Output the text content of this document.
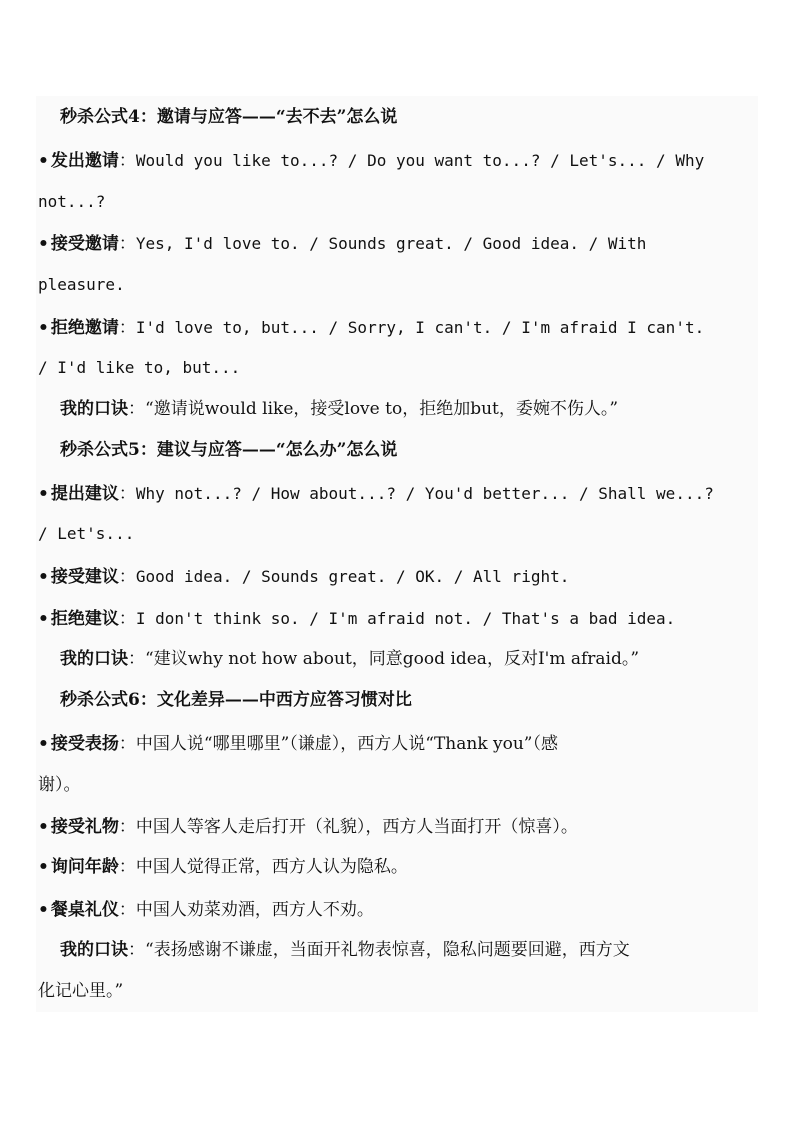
秒杀公式4：邀请与应答——“去不去”怎么说
• 发出邀请：Would you like to...? / Do you want to...? / Let's... / Why
not...?
• 接受邀请：Yes, I'd love to. / Sounds great. / Good idea. / With
pleasure.
• 拒绝邀请：I'd love to, but... / Sorry, I can't. / I'm afraid I can't.
/ I'd like to, but...
我的口诀：“邀请说would like，接受love to，拒绝加but，委婉不伤人。”
秒杀公式5：建议与应答——“怎么办”怎么说
• 提出建议：Why not...? / How about...? / You'd better... / Shall we...?
/ Let's...
• 接受建议：Good idea. / Sounds great. / OK. / All right.
• 拒绝建议：I don't think so. / I'm afraid not. / That's a bad idea.
我的口诀：“建议why not how about，同意good idea，反对I'm afraid。”
秒杀公式6：文化差异——中西方应答习惯对比
• 接受表扬：中国人说“哪里哪里”（谦虚），西方人说“Thank you”（感
谢）。
• 接受礼物：中国人等客人走后打开（礼貌），西方人当面打开（惊喜）。
• 询问年龄：中国人觉得正常，西方人认为隐私。
• 餐桌礼仪：中国人劝菜劝酒，西方人不劝。
我的口诀：“表扬感谢不谦虚，当面开礼物表惊喜，隐私问题要回避，西方文
化记心里。”
